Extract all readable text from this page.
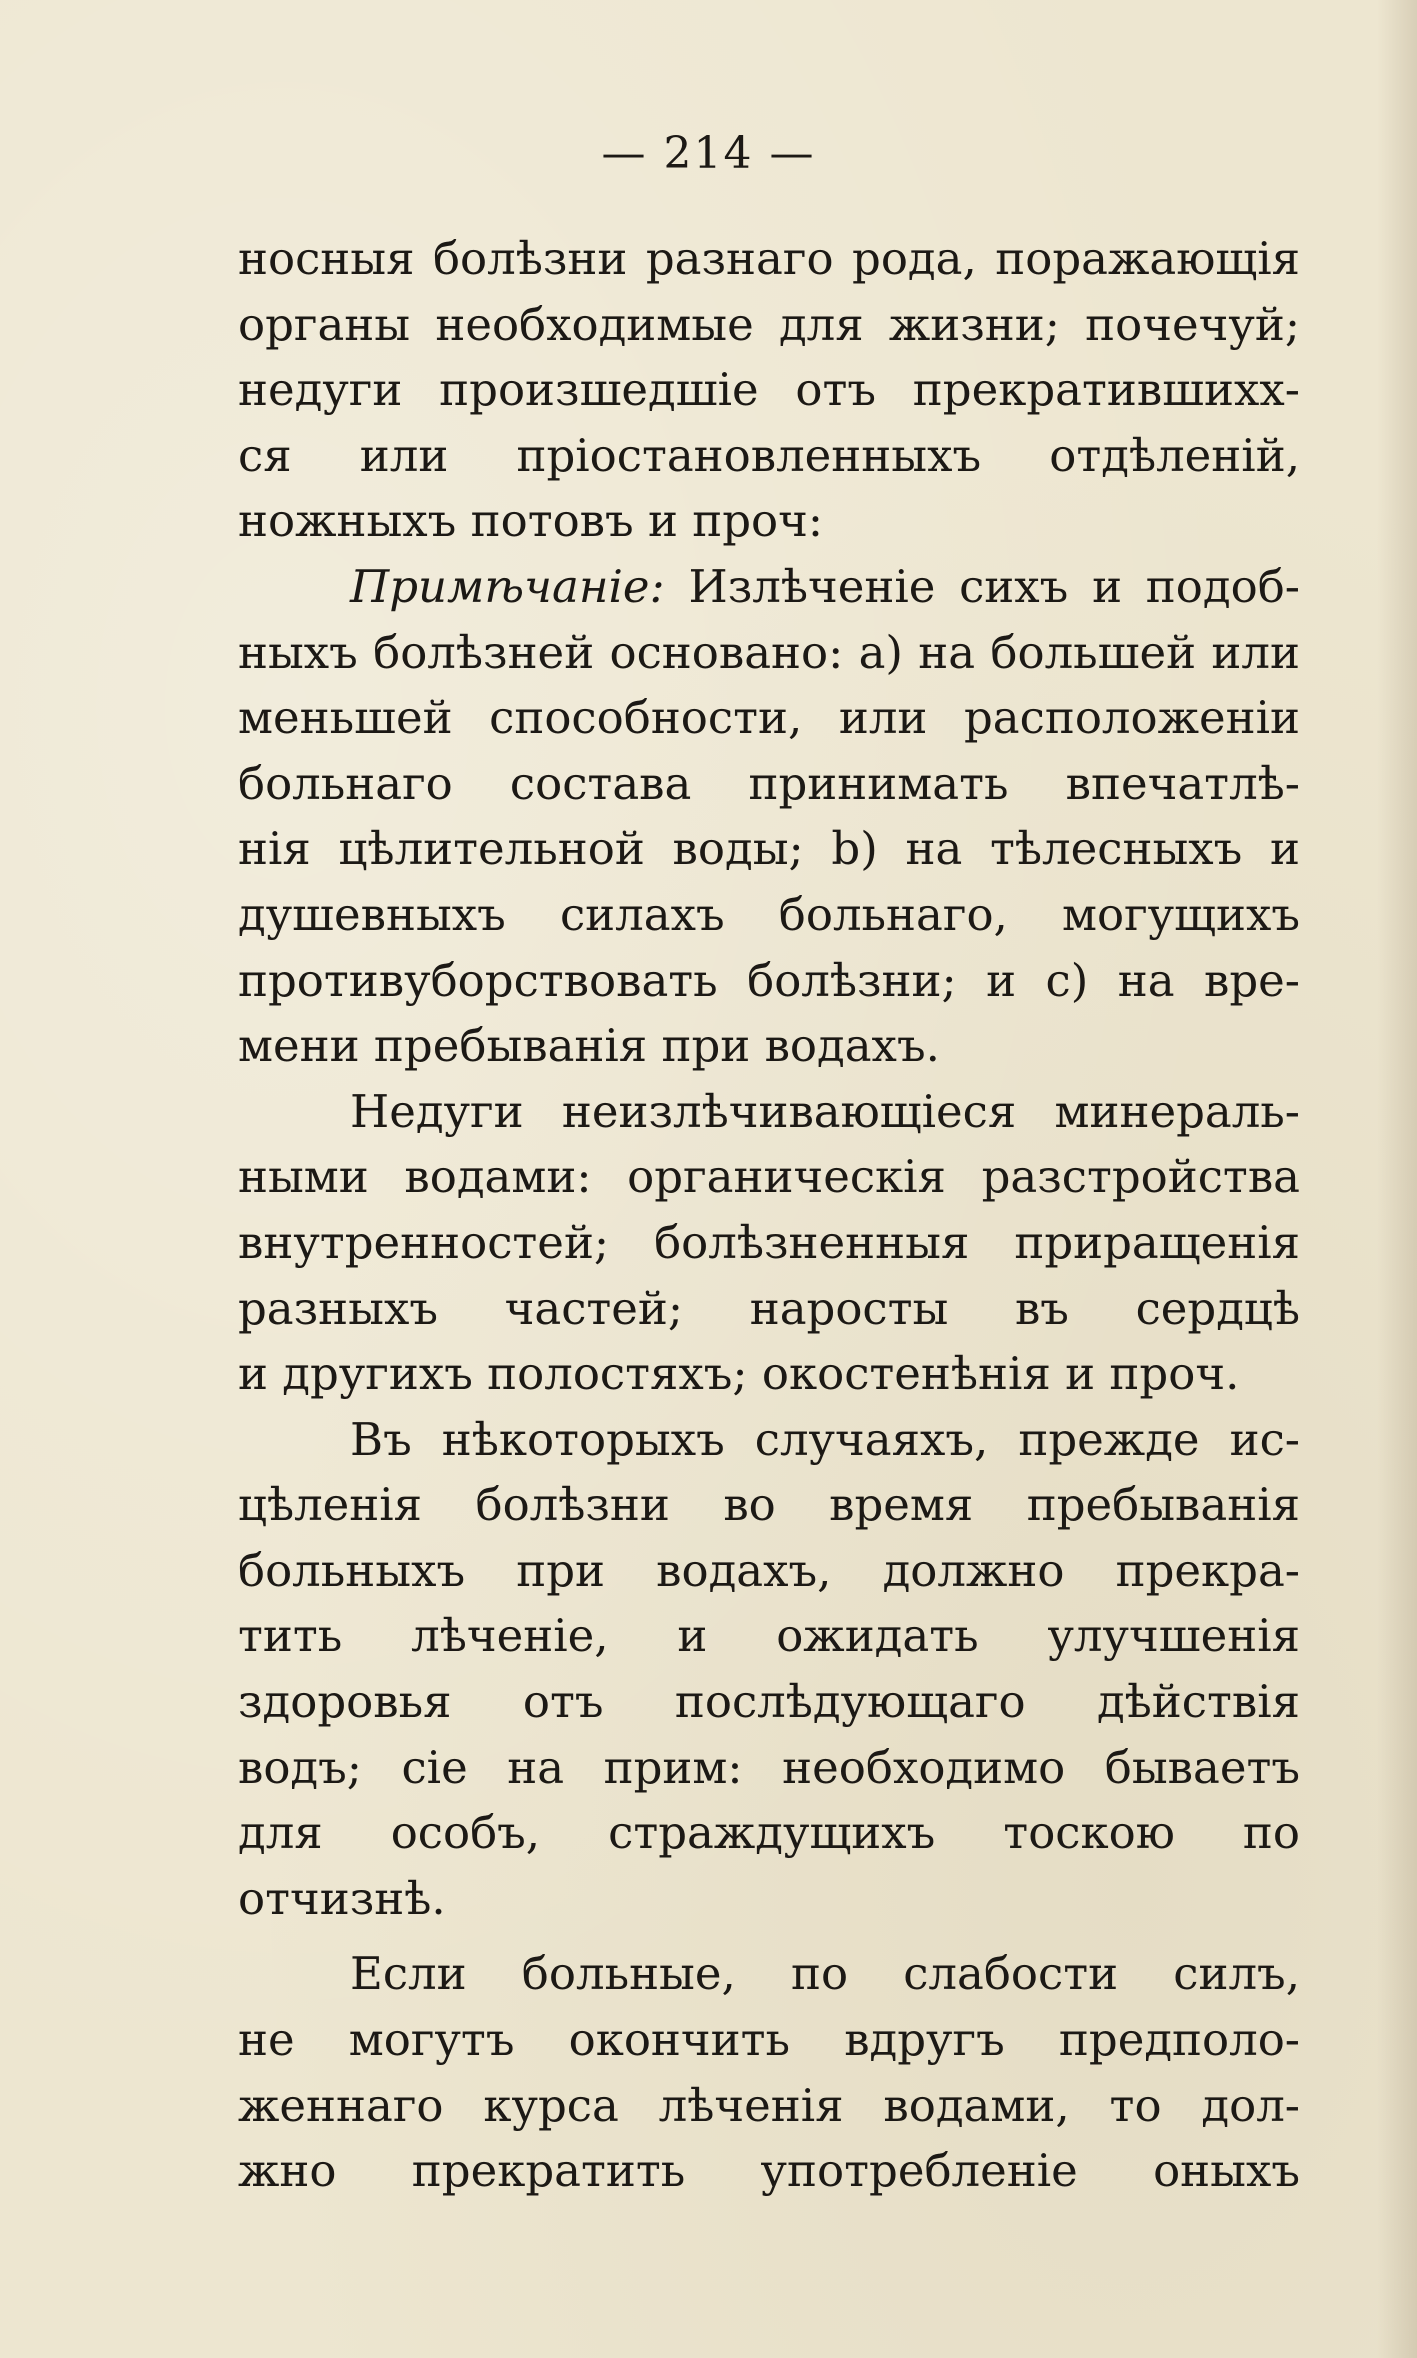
— 214 —
носныя болѣзни разнаго рода, поражающія
органы необходимые для жизни; почечуй;
недуги произшедшіе отъ прекратившихх-
ся или пріостановленныхъ отдѣленій,
ножныхъ потовъ и проч:
Примѣчаніе: Излѣченіе сихъ и подоб-
ныхъ болѣзней основано: а) на большей или
меньшей способности, или расположеніи
больнаго состава принимать впечатлѣ-
нія цѣлительной воды; b) на тѣлесныхъ и
душевныхъ силахъ больнаго, могущихъ
противуборствовать болѣзни; и с) на вре-
мени пребыванія при водахъ.
Недуги неизлѣчивающіеся минераль-
ными водами: органическія разстройства
внутренностей; болѣзненныя приращенія
разныхъ частей; наросты въ сердцѣ
и другихъ полостяхъ; окостенѣнія и проч.
Въ нѣкоторыхъ случаяхъ, прежде ис-
цѣленія болѣзни во время пребыванія
больныхъ при водахъ, должно прекра-
тить лѣченіе, и ожидать улучшенія
здоровья отъ послѣдующаго дѣйствія
водъ; сіе на прим: необходимо бываетъ
для особъ, страждущихъ тоскою по
отчизнѣ.
Если больные, по слабости силъ,
не могутъ окончить вдругъ предполо-
женнаго курса лѣченія водами, то дол-
жно прекратить употребленіе оныхъ
